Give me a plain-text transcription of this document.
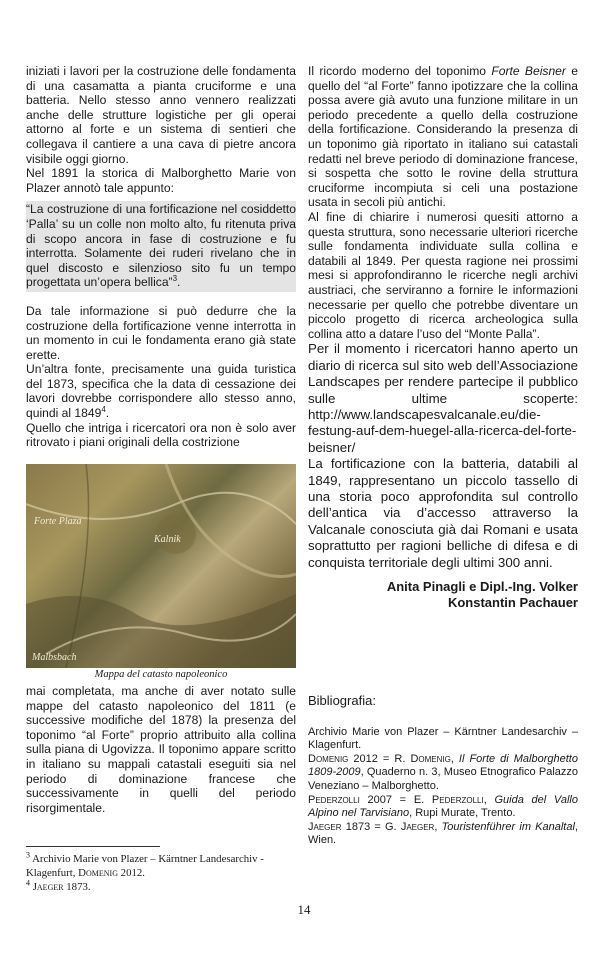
iniziati i lavori per la costruzione delle fondamenta di una casamatta a pianta cruciforme e una batteria. Nello stesso anno vennero realizzati anche delle strutture logistiche per gli operai attorno al forte e un sistema di sentieri che collegava il cantiere a una cava di pietre ancora visibile oggi giorno.

Nel 1891 la storica di Malborghetto Marie von Plazer annotò tale appunto:

“La costruzione di una fortificazione nel cosiddetto ‘Palla’ su un colle non molto alto, fu ritenuta priva di scopo ancora in fase di costruzione e fu interrotta. Solamente dei ruderi rivelano che in quel discosto e silenzioso sito fu un tempo progettata un’opera bellica”$^3$.

Da tale informazione si può dedurre che la costruzione della fortificazione venne interrotta in un momento in cui le fondamenta erano già state erette.

Un’altra fonte, precisamente una guida turistica del 1873, specifica che la data di cessazione dei lavori dovrebbe corrispondere allo stesso anno, quindi al 1849$^4$.

Quello che intriga i ricercatori ora non è solo aver ritrovato i piani originali della costrizione

Forte Plaza
Kalnik
Malbsbach
Mappa del catasto napoleonico

mai completata, ma anche di aver notato sulle mappe del catasto napoleonico del 1811 (e successive modifiche del 1878) la presenza del toponimo “al Forte” proprio attribuito alla collina sulla piana di Ugovizza. Il toponimo appare scritto in italiano su mappali catastali eseguiti sia nel periodo di dominazione francese che successivamente in quelli del periodo risorgimentale.

Il ricordo moderno del toponimo Forte Beisner e quello del “al Forte” fanno ipotizzare che la collina possa avere già avuto una funzione militare in un periodo precedente a quello della costruzione della fortificazione. Considerando la presenza di un toponimo già riportato in italiano sui catastali redatti nel breve periodo di dominazione francese, si sospetta che sotto le rovine della struttura cruciforme incompiuta si celi una postazione usata in secoli più antichi.

Al fine di chiarire i numerosi quesiti attorno a questa struttura, sono necessarie ulteriori ricerche sulle fondamenta individuate sulla collina e databili al 1849. Per questa ragione nei prossimi mesi si approfondiranno le ricerche negli archivi austriaci, che serviranno a fornire le informazioni necessarie per quello che potrebbe diventare un piccolo progetto di ricerca archeologica sulla collina atto a datare l’uso del “Monte Palla”.

Per il momento i ricercatori hanno aperto un diario di ricerca sul sito web dell’Associazione Landscapes per rendere partecipe il pubblico sulle ultime scoperte: http://www.landscapesvalcanale.eu/die-festung-auf-dem-huegel-alla-ricerca-del-forte-beisner/

La fortificazione con la batteria, databili al 1849, rappresentano un piccolo tassello di una storia poco approfondita sul controllo dell’antica via d’accesso attraverso la Valcanale conosciuta già dai Romani e usata soprattutto per ragioni belliche di difesa e di conquista territoriale degli ultimi 300 anni.

Anita Pinagli e Dipl.-Ing. Volker
Konstantin Pachauer
Bibliografia:

Archivio Marie von Plazer – Kärntner Landesarchiv – Klagenfurt.

Domenig 2012 = R. Domenig, Il Forte di Malborghetto 1809-2009, Quaderno n. 3, Museo Etnografico Palazzo Veneziano – Malborghetto.

Pederzolli 2007 = E. Pederzolli, Guida del Vallo Alpino nel Tarvisiano, Rupi Murate, Trento.

Jaeger 1873 = G. Jaeger, Touristenführer im Kanaltal, Wien.

$^3$ Archivio Marie von Plazer – Kärntner Landesarchiv - Klagenfurt, Domenig 2012.
$^4$ Jaeger 1873.
14
